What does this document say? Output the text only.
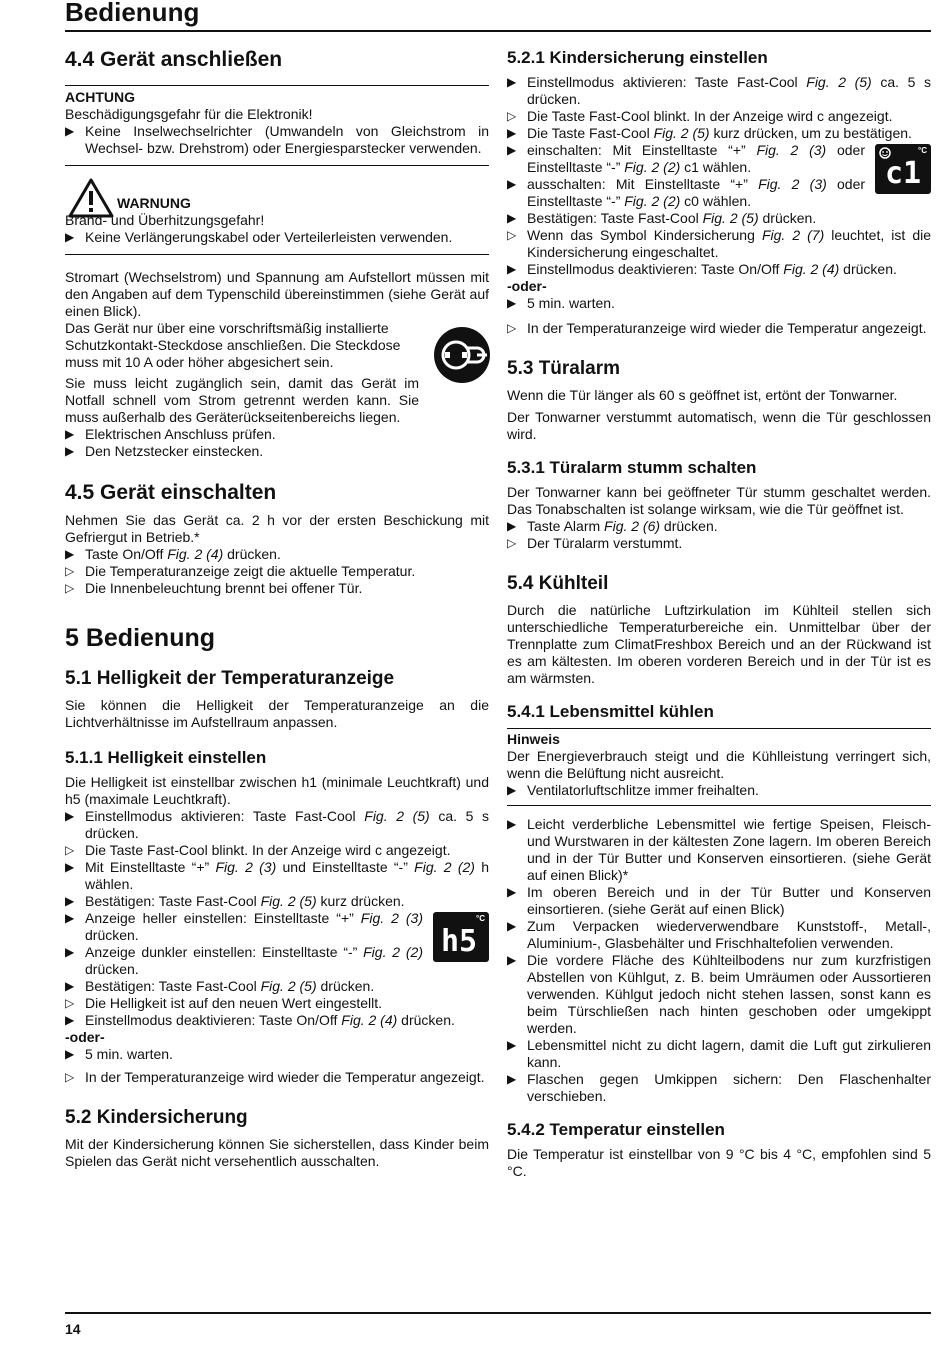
Bedienung
4.4 Gerät anschließen
ACHTUNG
Beschädigungsgefahr für die Elektronik!
▶ Keine Inselwechselrichter (Umwandeln von Gleichstrom in Wechsel- bzw. Drehstrom) oder Energiesparstecker verwenden.
WARNUNG
Brand- und Überhitzungsgefahr!
▶ Keine Verlängerungskabel oder Verteilerleisten verwenden.
Stromart (Wechselstrom) und Spannung am Aufstellort müssen mit den Angaben auf dem Typenschild übereinstimmen (siehe Gerät auf einen Blick).
Das Gerät nur über eine vorschriftsmäßig installierte Schutzkontakt-Steckdose anschließen. Die Steckdose muss mit 10 A oder höher abgesichert sein.
Sie muss leicht zugänglich sein, damit das Gerät im Notfall schnell vom Strom getrennt werden kann. Sie muss außerhalb des Geräterückseitenbereichs liegen.
▶ Elektrischen Anschluss prüfen.
▶ Den Netzstecker einstecken.
4.5 Gerät einschalten
Nehmen Sie das Gerät ca. 2 h vor der ersten Beschickung mit Gefriergut in Betrieb.*
▶ Taste On/Off Fig. 2 (4) drücken.
▷ Die Temperaturanzeige zeigt die aktuelle Temperatur.
▷ Die Innenbeleuchtung brennt bei offener Tür.
5 Bedienung
5.1 Helligkeit der Temperaturanzeige
Sie können die Helligkeit der Temperaturanzeige an die Lichtverhältnisse im Aufstellraum anpassen.
5.1.1 Helligkeit einstellen
Die Helligkeit ist einstellbar zwischen h1 (minimale Leuchtkraft) und h5 (maximale Leuchtkraft).
▶ Einstellmodus aktivieren: Taste Fast-Cool Fig. 2 (5) ca. 5 s drücken.
▷ Die Taste Fast-Cool blinkt. In der Anzeige wird c angezeigt.
▶ Mit Einstelltaste “+” Fig. 2 (3) und Einstelltaste “-” Fig. 2 (2) h wählen.
▶ Bestätigen: Taste Fast-Cool Fig. 2 (5) kurz drücken.
°C
h5
▶ Anzeige heller einstellen: Einstelltaste “+” Fig. 2 (3) drücken.
▶ Anzeige dunkler einstellen: Einstelltaste “-” Fig. 2 (2) drücken.
▶ Bestätigen: Taste Fast-Cool Fig. 2 (5) drücken.
▷ Die Helligkeit ist auf den neuen Wert eingestellt.
▶ Einstellmodus deaktivieren: Taste On/Off Fig. 2 (4) drücken.
-oder-
▶ 5 min. warten.
▷ In der Temperaturanzeige wird wieder die Temperatur angezeigt.
5.2 Kindersicherung
Mit der Kindersicherung können Sie sicherstellen, dass Kinder beim Spielen das Gerät nicht versehentlich ausschalten.
5.2.1 Kindersicherung einstellen
▶ Einstellmodus aktivieren: Taste Fast-Cool Fig. 2 (5) ca. 5 s drücken.
▷ Die Taste Fast-Cool blinkt. In der Anzeige wird c angezeigt.
▶ Die Taste Fast-Cool Fig. 2 (5) kurz drücken, um zu bestätigen.
°C
c1
▶ einschalten: Mit Einstelltaste “+” Fig. 2 (3) oder Einstelltaste “-” Fig. 2 (2) c1 wählen.
▶ ausschalten: Mit Einstelltaste “+” Fig. 2 (3) oder Einstelltaste “-” Fig. 2 (2) c0 wählen.
▶ Bestätigen: Taste Fast-Cool Fig. 2 (5) drücken.
▷ Wenn das Symbol Kindersicherung Fig. 2 (7) leuchtet, ist die Kindersicherung eingeschaltet.
▶ Einstellmodus deaktivieren: Taste On/Off Fig. 2 (4) drücken.
-oder-
▶ 5 min. warten.
▷ In der Temperaturanzeige wird wieder die Temperatur angezeigt.
5.3 Türalarm
Wenn die Tür länger als 60 s geöffnet ist, ertönt der Tonwarner.
Der Tonwarner verstummt automatisch, wenn die Tür geschlossen wird.
5.3.1 Türalarm stumm schalten
Der Tonwarner kann bei geöffneter Tür stumm geschaltet werden. Das Tonabschalten ist solange wirksam, wie die Tür geöffnet ist.
▶ Taste Alarm Fig. 2 (6) drücken.
▷ Der Türalarm verstummt.
5.4 Kühlteil
Durch die natürliche Luftzirkulation im Kühlteil stellen sich unterschiedliche Temperaturbereiche ein. Unmittelbar über der Trennplatte zum ClimatFreshbox Bereich und an der Rückwand ist es am kältesten. Im oberen vorderen Bereich und in der Tür ist es am wärmsten.
5.4.1 Lebensmittel kühlen
Hinweis
Der Energieverbrauch steigt und die Kühlleistung verringert sich, wenn die Belüftung nicht ausreicht.
▶ Ventilatorluftschlitze immer freihalten.
▶ Leicht verderbliche Lebensmittel wie fertige Speisen, Fleisch- und Wurstwaren in der kältesten Zone lagern. Im oberen Bereich und in der Tür Butter und Konserven einsortieren. (siehe Gerät auf einen Blick)*
▶ Im oberen Bereich und in der Tür Butter und Konserven einsortieren. (siehe Gerät auf einen Blick)
▶ Zum Verpacken wiederverwendbare Kunststoff-, Metall-, Aluminium-, Glasbehälter und Frischhaltefolien verwenden.
▶ Die vordere Fläche des Kühlteilbodens nur zum kurzfristigen Abstellen von Kühlgut, z. B. beim Umräumen oder Aussortieren verwenden. Kühlgut jedoch nicht stehen lassen, sonst kann es beim Türschließen nach hinten geschoben oder umgekippt werden.
▶ Lebensmittel nicht zu dicht lagern, damit die Luft gut zirkulieren kann.
▶ Flaschen gegen Umkippen sichern: Den Flaschenhalter verschieben.
5.4.2 Temperatur einstellen
Die Temperatur ist einstellbar von 9 °C bis 4 °C, empfohlen sind 5 °C.
14
